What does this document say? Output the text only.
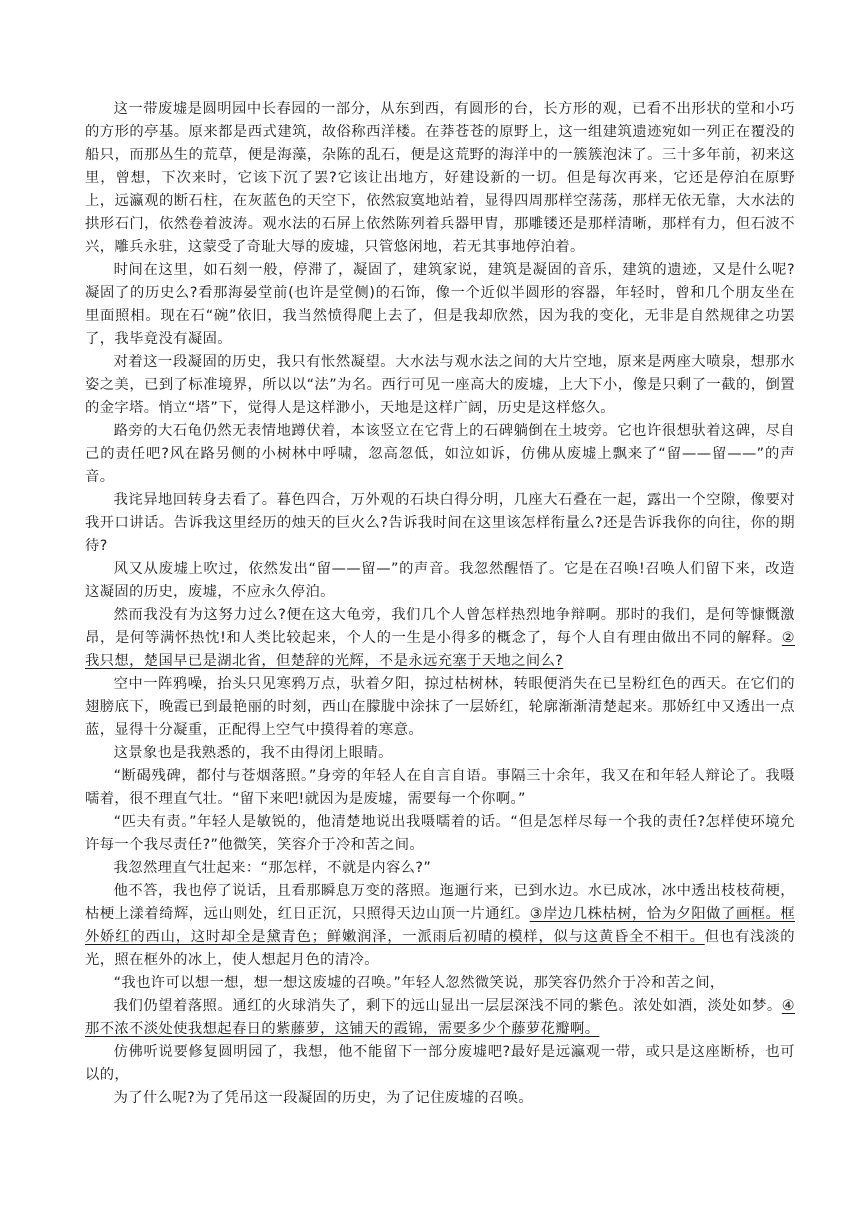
这一带废墟是圆明园中长春园的一部分，从东到西，有圆形的台，长方形的观，已看不出形状的堂和小巧的方形的亭基。原来都是西式建筑，故俗称西洋楼。在莽苍苍的原野上，这一组建筑遗迹宛如一列正在覆没的船只，而那丛生的荒草，便是海藻，杂陈的乱石，便是这荒野的海洋中的一簇簇泡沫了。三十多年前，初来这里，曾想，下次来时，它该下沉了罢?它该让出地方，好建设新的一切。但是每次再来，它还是停泊在原野上，远瀛观的断石柱，在灰蓝色的天空下，依然寂寞地站着，显得四周那样空荡荡，那样无依无靠，大水法的拱形石门，依然卷着波涛。观水法的石屏上依然陈列着兵器甲胄，那雕镂还是那样清晰，那样有力，但石波不兴，雕兵永驻，这蒙受了奇耻大辱的废墟，只管悠闲地，若无其事地停泊着。

时间在这里，如石刻一般，停滞了，凝固了，建筑家说，建筑是凝固的音乐，建筑的遗迹，又是什么呢?凝固了的历史么?看那海晏堂前(也许是堂侧)的石饰，像一个近似半圆形的容器，年轻时，曾和几个朋友坐在里面照相。现在石“碗”依旧，我当然愤得爬上去了，但是我却欣然，因为我的变化，无非是自然规律之功罢了，我毕竟没有凝固。

对着这一段凝固的历史，我只有怅然凝望。大水法与观水法之间的大片空地，原来是两座大喷泉，想那水姿之美，已到了标准境界，所以以“法”为名。西行可见一座高大的废墟，上大下小，像是只剩了一截的，倒置的金字塔。悄立“塔”下，觉得人是这样渺小，天地是这样广阔，历史是这样悠久。

路旁的大石龟仍然无表情地蹲伏着，本该竖立在它背上的石碑躺倒在土坡旁。它也许很想驮着这碑，尽自己的责任吧?风在路另侧的小树林中呼啸，忽高忽低，如泣如诉，仿佛从废墟上飘来了“留——留——”的声音。

我诧异地回转身去看了。暮色四合，万外观的石块白得分明，几座大石叠在一起，露出一个空隙，像要对我开口讲话。告诉我这里经历的烛天的巨火么?告诉我时间在这里该怎样衔量么?还是告诉我你的向往，你的期待?

风又从废墟上吹过，依然发出“留——留—”的声音。我忽然醒悟了。它是在召唤!召唤人们留下来，改造这凝固的历史，废墟，不应永久停泊。

然而我没有为这努力过么?便在这大龟旁，我们几个人曾怎样热烈地争辩啊。那时的我们，是何等慷慨激昂，是何等满怀热忱!和人类比较起来，个人的一生是小得多的概念了，每个人自有理由做出不同的解释。②我只想，楚国早已是湖北省，但楚辞的光辉，不是永远充塞于天地之间么?

空中一阵鸦噪，抬头只见寒鸦万点，驮着夕阳，掠过枯树林，转眼便消失在已呈粉红色的西天。在它们的翅膀底下，晚霞已到最艳丽的时刻，西山在朦胧中涂抹了一层娇红，轮廓渐渐清楚起来。那娇红中又透出一点蓝，显得十分凝重，正配得上空气中摸得着的寒意。

这景象也是我熟悉的，我不由得闭上眼睛。

“断碣残碑，都付与苍烟落照。”身旁的年轻人在自言自语。事隔三十余年，我又在和年轻人辩论了。我嗫嚅着，很不理直气壮。“留下来吧!就因为是废墟，需要每一个你啊。”

“匹夫有责。”年轻人是敏锐的，他清楚地说出我嗫嚅着的话。“但是怎样尽每一个我的责任?怎样使环境允许每一个我尽责任?”他微笑，笑容介于冷和苦之间。

我忽然理直气壮起来：“那怎样，不就是内容么?”

他不答，我也停了说话，且看那瞬息万变的落照。迤逦行来，已到水边。水已成冰，冰中透出枝枝荷梗，枯梗上漾着绮辉，远山则处，红日正沉，只照得天边山顶一片通红。③岸边几株枯树，恰为夕阳做了画框。框外娇红的西山，这时却全是黛青色；鲜嫩润泽，一派雨后初晴的模样，似与这黄昏全不相干。但也有浅淡的光，照在框外的冰上，使人想起月色的清冷。

“我也许可以想一想，想一想这废墟的召唤。”年轻人忽然微笑说，那笑容仍然介于冷和苦之间，

我们仍望着落照。通红的火球消失了，剩下的远山显出一层层深浅不同的紫色。浓处如酒，淡处如梦。④那不浓不淡处使我想起春日的紫藤萝，这铺天的霞锦，需要多少个藤萝花瓣啊。

仿佛听说要修复圆明园了，我想，他不能留下一部分废墟吧?最好是远瀛观一带，或只是这座断桥，也可以的，

为了什么呢?为了凭吊这一段凝固的历史，为了记住废墟的召唤。
